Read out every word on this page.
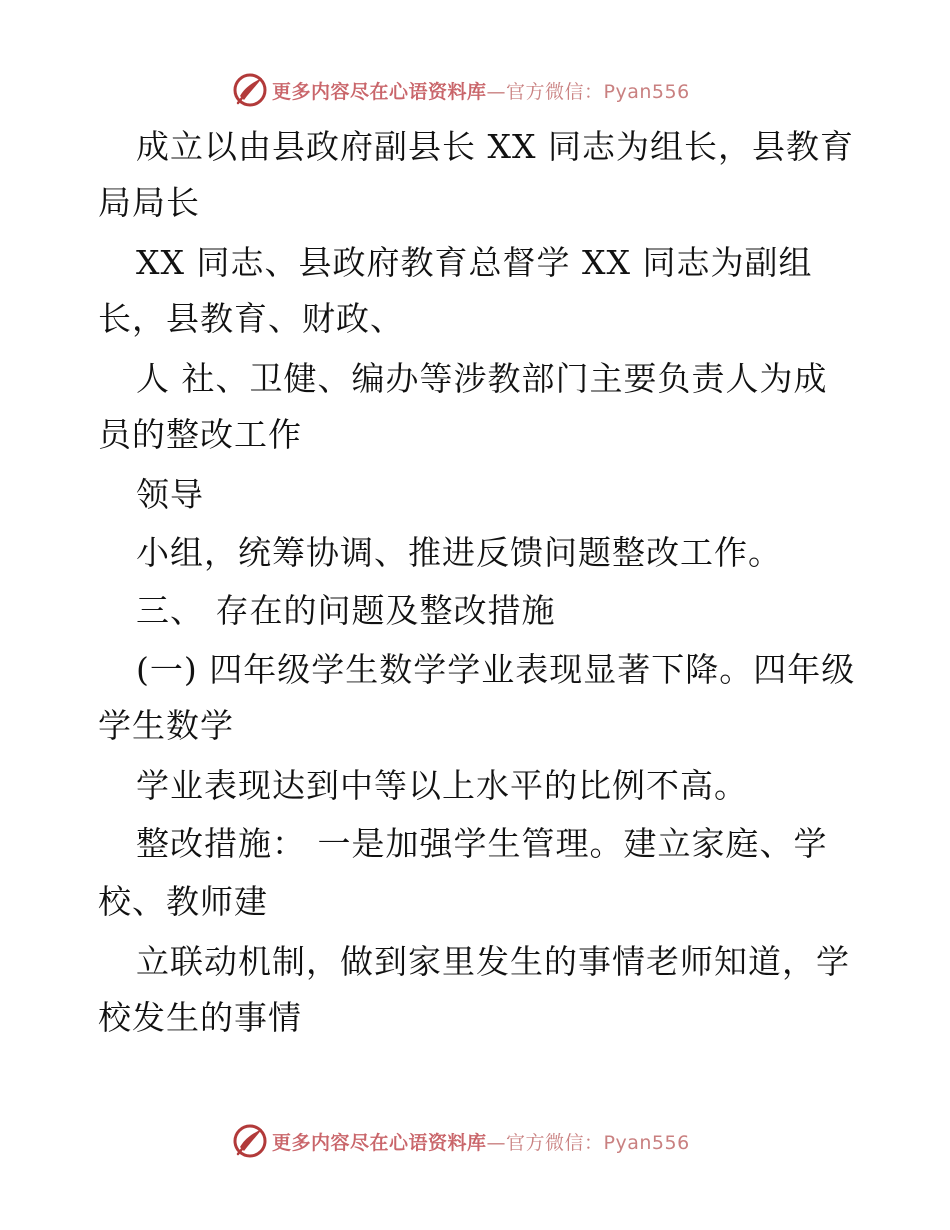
更多内容尽在心语资料库—官方微信：Pyan556
成立以由县政府副县长 XX 同志为组长，县教育
局局长
XX 同志、县政府教育总督学 XX 同志为副组
长，县教育、财政、
人 社、卫健、编办等涉教部门主要负责人为成
员的整改工作
领导
小组，统筹协调、推进反馈问题整改工作。
三、 存在的问题及整改措施
(一) 四年级学生数学学业表现显著下降。四年级
学生数学
学业表现达到中等以上水平的比例不高。
整改措施： 一是加强学生管理。建立家庭、学
校、教师建
立联动机制，做到家里发生的事情老师知道，学
校发生的事情
更多内容尽在心语资料库—官方微信：Pyan556
